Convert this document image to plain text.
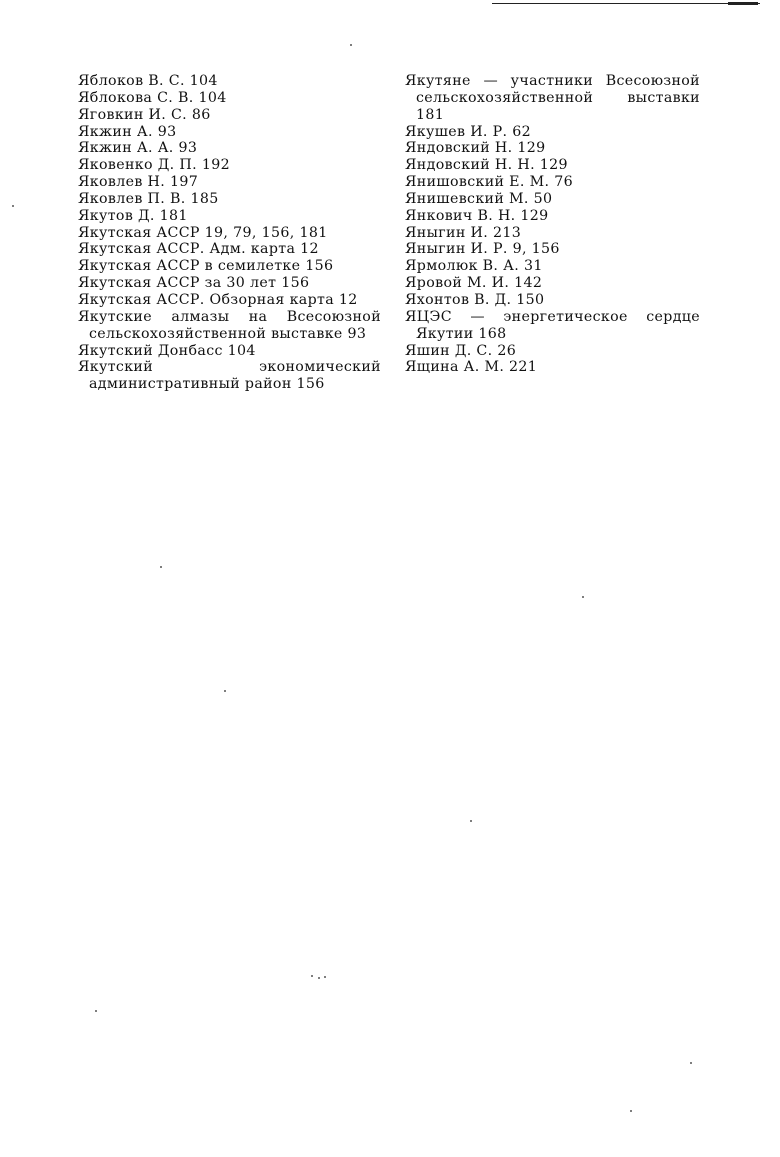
Яблоков В. С. 104

Яблокова С. В. 104

Яговкин И. С. 86

Якжин А. 93

Якжин А. А. 93

Яковенко Д. П. 192

Яковлев Н. 197

Яковлев П. В. 185

Якутов Д. 181

Якутская АССР 19, 79, 156, 181

Якутская АССР. Адм. карта 12

Якутская АССР в семилетке 156

Якутская АССР за 30 лет 156

Якутская АССР. Обзорная карта 12

Якутские алмазы на Всесоюзной сельскохозяйственной выставке 93

Якутский Донбасс 104

Якутский экономический административный район 156

Якутяне — участники Всесоюзной сельскохозяйственной выставки 181

Якушев И. Р. 62

Яндовский Н. 129

Яндовский Н. Н. 129

Янишовский Е. М. 76

Янишевский М. 50

Янкович В. Н. 129

Яныгин И. 213

Яныгин И. Р. 9, 156

Ярмолюк В. А. 31

Яровой М. И. 142

Яхонтов В. Д. 150

ЯЦЭС — энергетическое сердце Якутии 168

Яшин Д. С. 26

Ящина А. М. 221
